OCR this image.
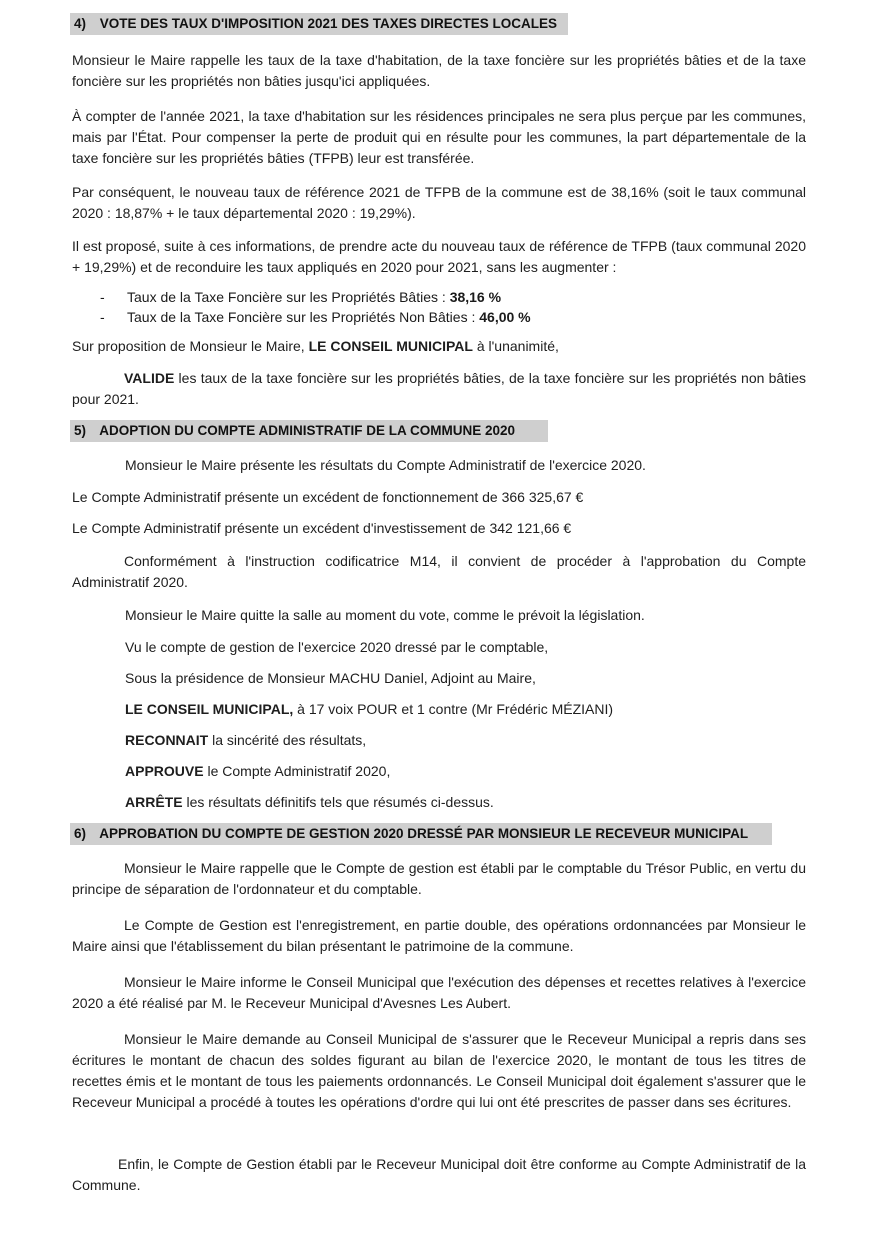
4) VOTE DES TAUX D'IMPOSITION 2021 DES TAXES DIRECTES LOCALES
Monsieur le Maire rappelle les taux de la taxe d'habitation, de la taxe foncière sur les propriétés bâties et de la taxe foncière sur les propriétés non bâties jusqu'ici appliquées.
À compter de l'année 2021, la taxe d'habitation sur les résidences principales ne sera plus perçue par les communes, mais par l'État. Pour compenser la perte de produit qui en résulte pour les communes, la part départementale de la taxe foncière sur les propriétés bâties (TFPB) leur est transférée.
Par conséquent, le nouveau taux de référence 2021 de TFPB de la commune est de 38,16% (soit le taux communal 2020 : 18,87% + le taux départemental 2020 : 19,29%).
Il est proposé, suite à ces informations, de prendre acte du nouveau taux de référence de TFPB (taux communal 2020 + 19,29%) et de reconduire les taux appliqués en 2020 pour 2021, sans les augmenter :
- Taux de la Taxe Foncière sur les Propriétés Bâties : 38,16 %
- Taux de la Taxe Foncière sur les Propriétés Non Bâties : 46,00 %
Sur proposition de Monsieur le Maire, LE CONSEIL MUNICIPAL à l'unanimité,
VALIDE les taux de la taxe foncière sur les propriétés bâties, de la taxe foncière sur les propriétés non bâties pour 2021.
5) ADOPTION DU COMPTE ADMINISTRATIF DE LA COMMUNE 2020
Monsieur le Maire présente les résultats du Compte Administratif de l'exercice 2020.
Le Compte Administratif présente un excédent de fonctionnement de 366 325,67 €
Le Compte Administratif présente un excédent d'investissement de 342 121,66 €
Conformément à l'instruction codificatrice M14, il convient de procéder à l'approbation du Compte Administratif 2020.
Monsieur le Maire quitte la salle au moment du vote, comme le prévoit la législation.
Vu le compte de gestion de l'exercice 2020 dressé par le comptable,
Sous la présidence de Monsieur MACHU Daniel, Adjoint au Maire,
LE CONSEIL MUNICIPAL, à 17 voix POUR et 1 contre (Mr Frédéric MÉZIANI)
RECONNAIT la sincérité des résultats,
APPROUVE le Compte Administratif 2020,
ARRÊTE les résultats définitifs tels que résumés ci-dessus.
6) APPROBATION DU COMPTE DE GESTION 2020 DRESSÉ PAR MONSIEUR LE RECEVEUR MUNICIPAL
Monsieur le Maire rappelle que le Compte de gestion est établi par le comptable du Trésor Public, en vertu du principe de séparation de l'ordonnateur et du comptable.
Le Compte de Gestion est l'enregistrement, en partie double, des opérations ordonnancées par Monsieur le Maire ainsi que l'établissement du bilan présentant le patrimoine de la commune.
Monsieur le Maire informe le Conseil Municipal que l'exécution des dépenses et recettes relatives à l'exercice 2020 a été réalisé par M. le Receveur Municipal d'Avesnes Les Aubert.
Monsieur le Maire demande au Conseil Municipal de s'assurer que le Receveur Municipal a repris dans ses écritures le montant de chacun des soldes figurant au bilan de l'exercice 2020, le montant de tous les titres de recettes émis et le montant de tous les paiements ordonnancés. Le Conseil Municipal doit également s'assurer que le Receveur Municipal a procédé à toutes les opérations d'ordre qui lui ont été prescrites de passer dans ses écritures.
Enfin, le Compte de Gestion établi par le Receveur Municipal doit être conforme au Compte Administratif de la Commune.
